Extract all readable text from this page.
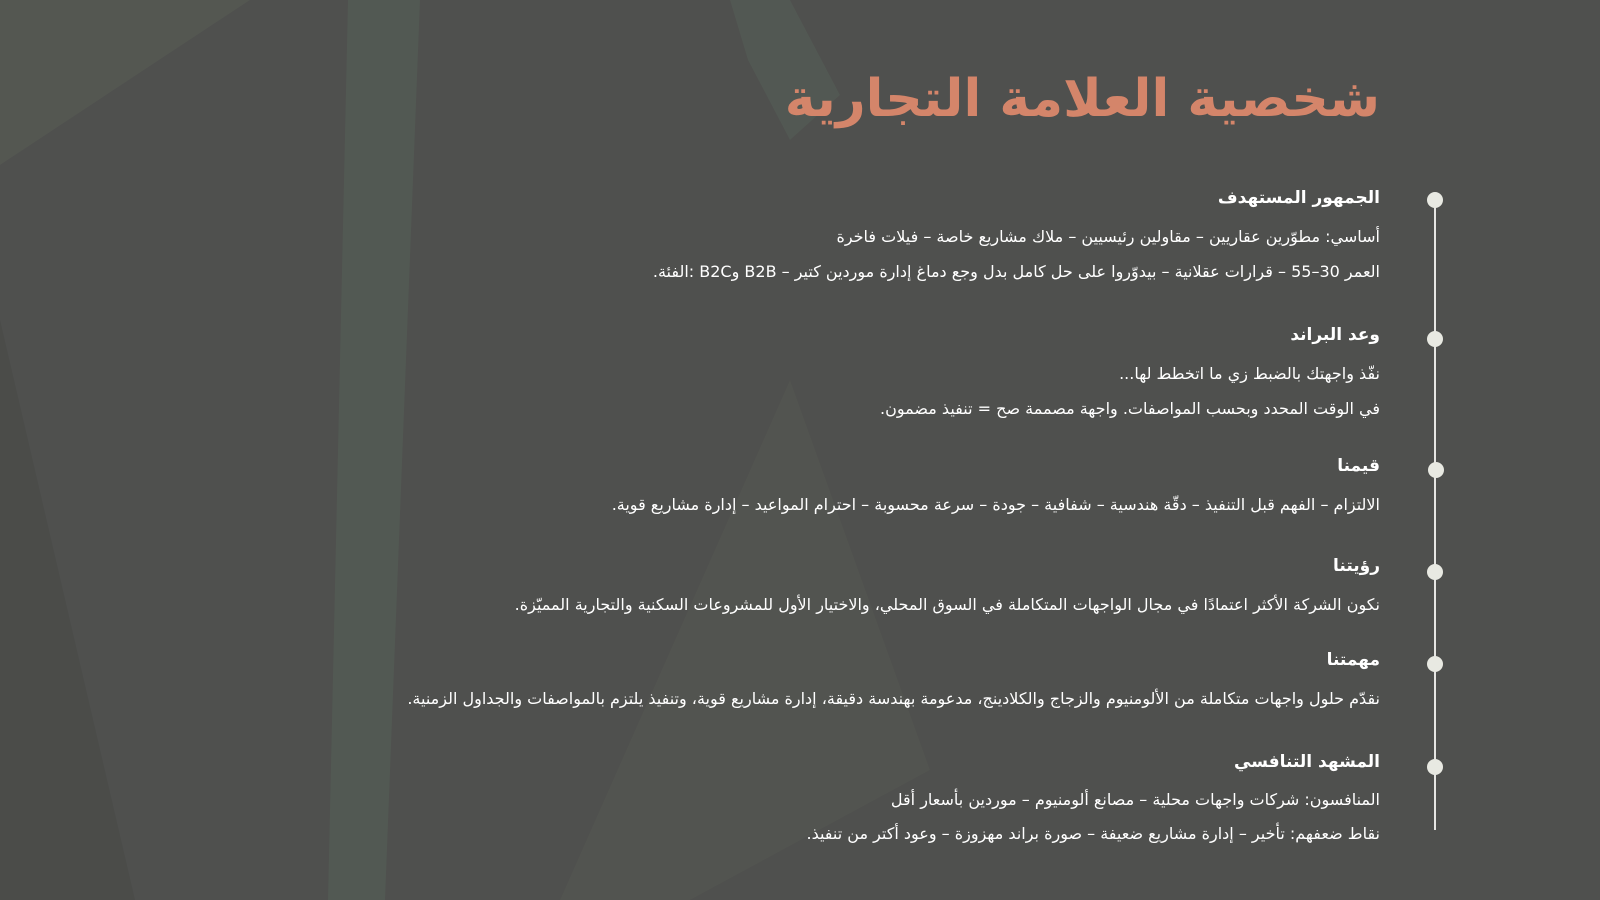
شخصية العلامة التجارية
الجمهور المستهدف
أساسي: مطوّرين عقاريين – مقاولين رئيسيين – ملاك مشاريع خاصة – فيلات فاخرة
العمر 30–55 – قرارات عقلانية – بيدوّروا على حل كامل بدل وجع دماغ إدارة موردين كتير – B2B وB2C :الفئة.
وعد البراند
نفّذ واجهتك بالضبط زي ما اتخطط لها...
في الوقت المحدد وبحسب المواصفات. واجهة مصممة صح = تنفيذ مضمون.
قيمنا
الالتزام – الفهم قبل التنفيذ – دقّة هندسية – شفافية – جودة – سرعة محسوبة – احترام المواعيد – إدارة مشاريع قوية.
رؤيتنا
نكون الشركة الأكثر اعتمادًا في مجال الواجهات المتكاملة في السوق المحلي، والاختيار الأول للمشروعات السكنية والتجارية المميّزة.
مهمتنا
نقدّم حلول واجهات متكاملة من الألومنيوم والزجاج والكلادينج، مدعومة بهندسة دقيقة، إدارة مشاريع قوية، وتنفيذ يلتزم بالمواصفات والجداول الزمنية.
المشهد التنافسي
المنافسون: شركات واجهات محلية – مصانع ألومنيوم – موردين بأسعار أقل
نقاط ضعفهم: تأخير – إدارة مشاريع ضعيفة – صورة براند مهزوزة – وعود أكتر من تنفيذ.
